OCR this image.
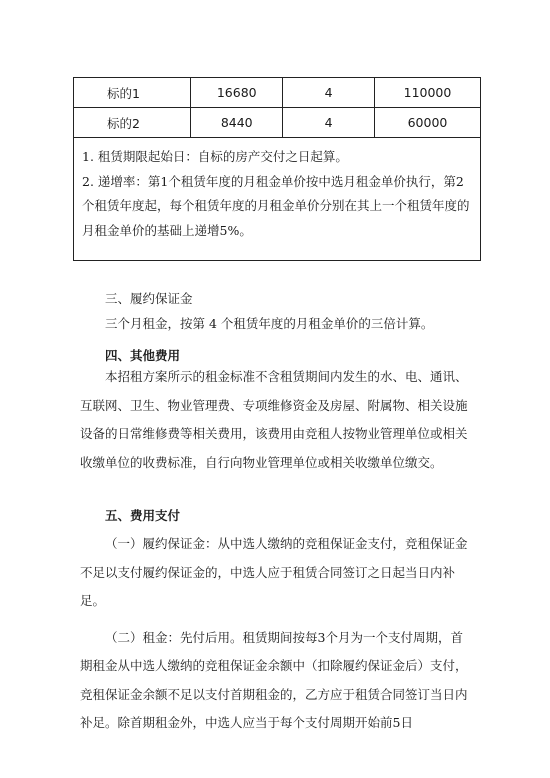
标的1	16680	4	110000
标的2	8440	4	60000

1. 租赁期限起始日：自标的房产交付之日起算。

2. 递增率：第1个租赁年度的月租金单价按中选月租金单价执行，第2个租赁年度起，每个租赁年度的月租金单价分别在其上一个租赁年度的月租金单价的基础上递增5%。

三、履约保证金

三个月租金，按第 4 个租赁年度的月租金单价的三倍计算。

四、其他费用

本招租方案所示的租金标准不含租赁期间内发生的水、电、通讯、互联网、卫生、物业管理费、专项维修资金及房屋、附属物、相关设施设备的日常维修费等相关费用，该费用由竞租人按物业管理单位或相关收缴单位的收费标准，自行向物业管理单位或相关收缴单位缴交。

五、费用支付

（一）履约保证金：从中选人缴纳的竞租保证金支付，竞租保证金不足以支付履约保证金的，中选人应于租赁合同签订之日起当日内补足。

（二）租金：先付后用。租赁期间按每3个月为一个支付周期，首期租金从中选人缴纳的竞租保证金余额中（扣除履约保证金后）支付，竞租保证金余额不足以支付首期租金的，乙方应于租赁合同签订当日内补足。除首期租金外，中选人应当于每个支付周期开始前5日
